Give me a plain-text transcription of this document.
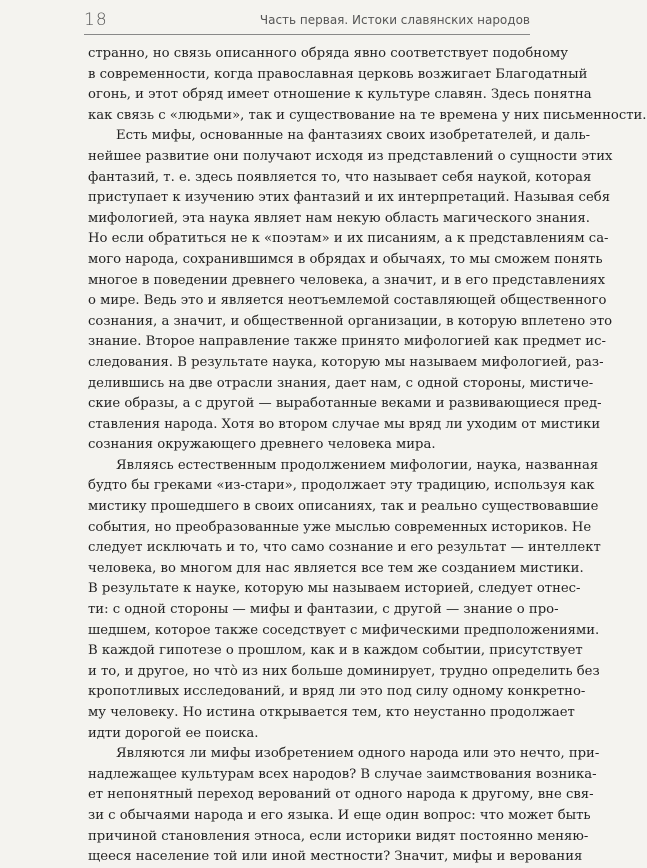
18	Часть первая. Истоки славянских народов
странно, но связь описанного обряда явно соответствует подобному
в современности, когда православная церковь возжигает Благодатный
огонь, и этот обряд имеет отношение к культуре славян. Здесь понятна
как связь с «людьми», так и существование на те времена у них письменности.
Есть мифы, основанные на фантазиях своих изобретателей, и даль-
нейшее развитие они получают исходя из представлений о сущности этих
фантазий, т. е. здесь появляется то, что называет себя наукой, которая
приступает к изучению этих фантазий и их интерпретаций. Называя себя
мифологией, эта наука являет нам некую область магического знания.
Но если обратиться не к «поэтам» и их писаниям, а к представлениям са-
мого народа, сохранившимся в обрядах и обычаях, то мы сможем понять
многое в поведении древнего человека, а значит, и в его представлениях
о мире. Ведь это и является неотъемлемой составляющей общественного
сознания, а значит, и общественной организации, в которую вплетено это
знание. Второе направление также принято мифологией как предмет ис-
следования. В результате наука, которую мы называем мифологией, раз-
делившись на две отрасли знания, дает нам, с одной стороны, мистиче-
ские образы, а с другой — выработанные веками и развивающиеся пред-
ставления народа. Хотя во втором случае мы вряд ли уходим от мистики
сознания окружающего древнего человека мира.
Являясь естественным продолжением мифологии, наука, названная
будто бы греками «из-стари», продолжает эту традицию, используя как
мистику прошедшего в своих описаниях, так и реально существовавшие
события, но преобразованные уже мыслью современных историков. Не
следует исключать и то, что само сознание и его результат — интеллект
человека, во многом для нас является все тем же созданием мистики.
В результате к науке, которую мы называем историей, следует отнес-
ти: с одной стороны — мифы и фантазии, с другой — знание о про-
шедшем, которое также соседствует с мифическими предположениями.
В каждой гипотезе о прошлом, как и в каждом событии, присутствует
и то, и другое, но что̀ из них больше доминирует, трудно определить без
кропотливых исследований, и вряд ли это под силу одному конкретно-
му человеку. Но истина открывается тем, кто неустанно продолжает
идти дорогой ее поиска.
Являются ли мифы изобретением одного народа или это нечто, при-
надлежащее культурам всех народов? В случае заимствования возника-
ет непонятный переход верований от одного народа к другому, вне свя-
зи с обычаями народа и его языка. И еще один вопрос: что может быть
причиной становления этноса, если историки видят постоянно меняю-
щееся население той или иной местности? Значит, мифы и верования
